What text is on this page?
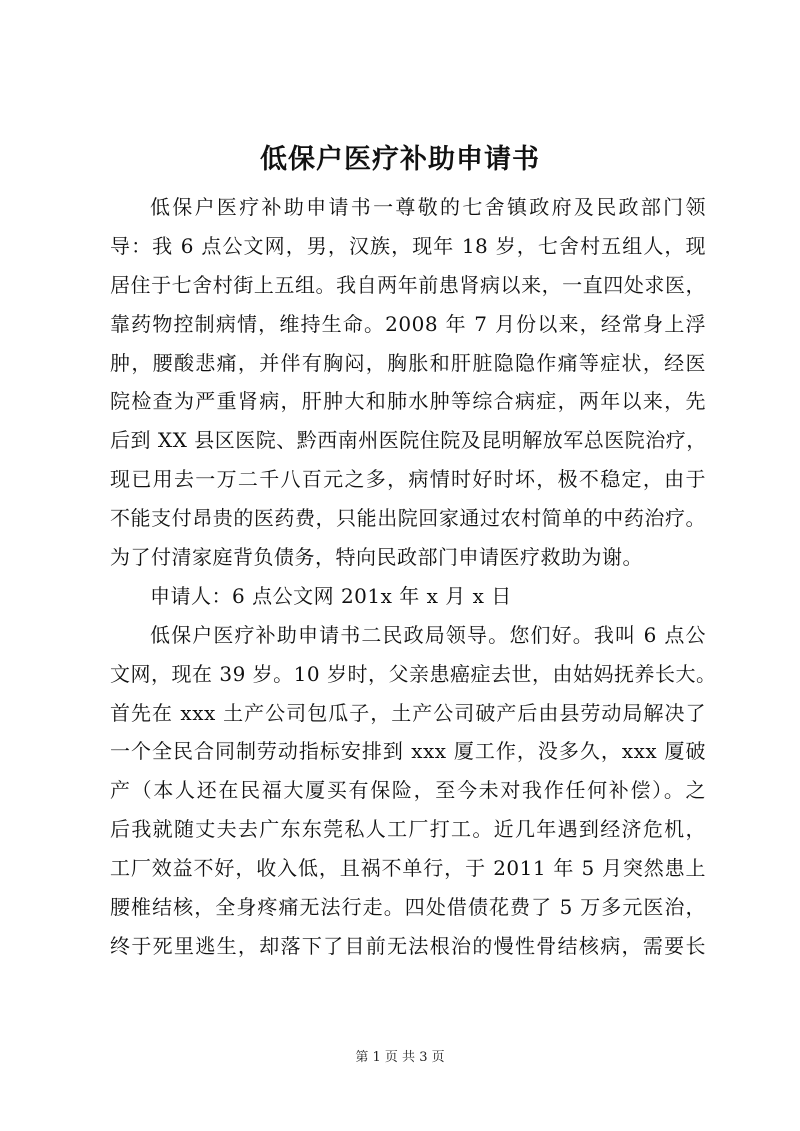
低保户医疗补助申请书
低保户医疗补助申请书一尊敬的七舍镇政府及民政部门领
导：我 6 点公文网，男，汉族，现年 18 岁，七舍村五组人，现
居住于七舍村街上五组。我自两年前患肾病以来，一直四处求医，
靠药物控制病情，维持生命。2008 年 7 月份以来，经常身上浮
肿，腰酸悲痛，并伴有胸闷，胸胀和肝脏隐隐作痛等症状，经医
院检查为严重肾病，肝肿大和肺水肿等综合病症，两年以来，先
后到 XX 县区医院、黔西南州医院住院及昆明解放军总医院治疗，
现已用去一万二千八百元之多，病情时好时坏，极不稳定，由于
不能支付昂贵的医药费，只能出院回家通过农村简单的中药治疗。
为了付清家庭背负债务，特向民政部门申请医疗救助为谢。
申请人：6 点公文网 201x 年 x 月 x 日
低保户医疗补助申请书二民政局领导。您们好。我叫 6 点公
文网，现在 39 岁。10 岁时，父亲患癌症去世，由姑妈抚养长大。
首先在 xxx 土产公司包瓜子，土产公司破产后由县劳动局解决了
一个全民合同制劳动指标安排到 xxx 厦工作，没多久，xxx 厦破
产（本人还在民福大厦买有保险，至今未对我作任何补偿）。之
后我就随丈夫去广东东莞私人工厂打工。近几年遇到经济危机，
工厂效益不好，收入低，且祸不单行，于 2011 年 5 月突然患上
腰椎结核，全身疼痛无法行走。四处借债花费了 5 万多元医治，
终于死里逃生，却落下了目前无法根治的慢性骨结核病，需要长
第 1 页 共 3 页
